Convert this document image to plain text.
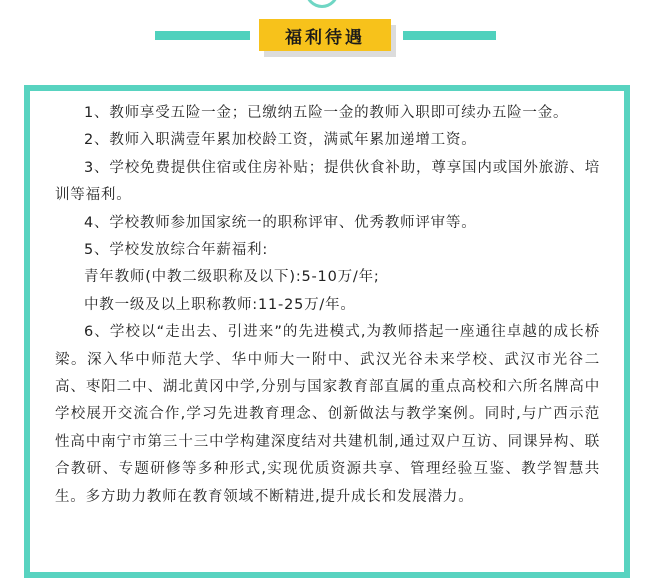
福利待遇

1、教师享受五险一金；已缴纳五险一金的教师入职即可续办五险一金。

2、教师入职满壹年累加校龄工资，满贰年累加递增工资。

3、学校免费提供住宿或住房补贴；提供伙食补助，尊享国内或国外旅游、培训等福利。

4、学校教师参加国家统一的职称评审、优秀教师评审等。

5、学校发放综合年薪福利:

青年教师(中教二级职称及以下):5-10万/年;

中教一级及以上职称教师:11-25万/年。

6、学校以“走出去、引进来”的先进模式,为教师搭起一座通往卓越的成长桥梁。深入华中师范大学、华中师大一附中、武汉光谷未来学校、武汉市光谷二高、枣阳二中、湖北黄冈中学,分别与国家教育部直属的重点高校和六所名牌高中学校展开交流合作,学习先进教育理念、创新做法与教学案例。同时,与广西示范性高中南宁市第三十三中学构建深度结对共建机制,通过双户互访、同课异构、联合教研、专题研修等多种形式,实现优质资源共享、管理经验互鉴、教学智慧共生。多方助力教师在教育领域不断精进,提升成长和发展潜力。
